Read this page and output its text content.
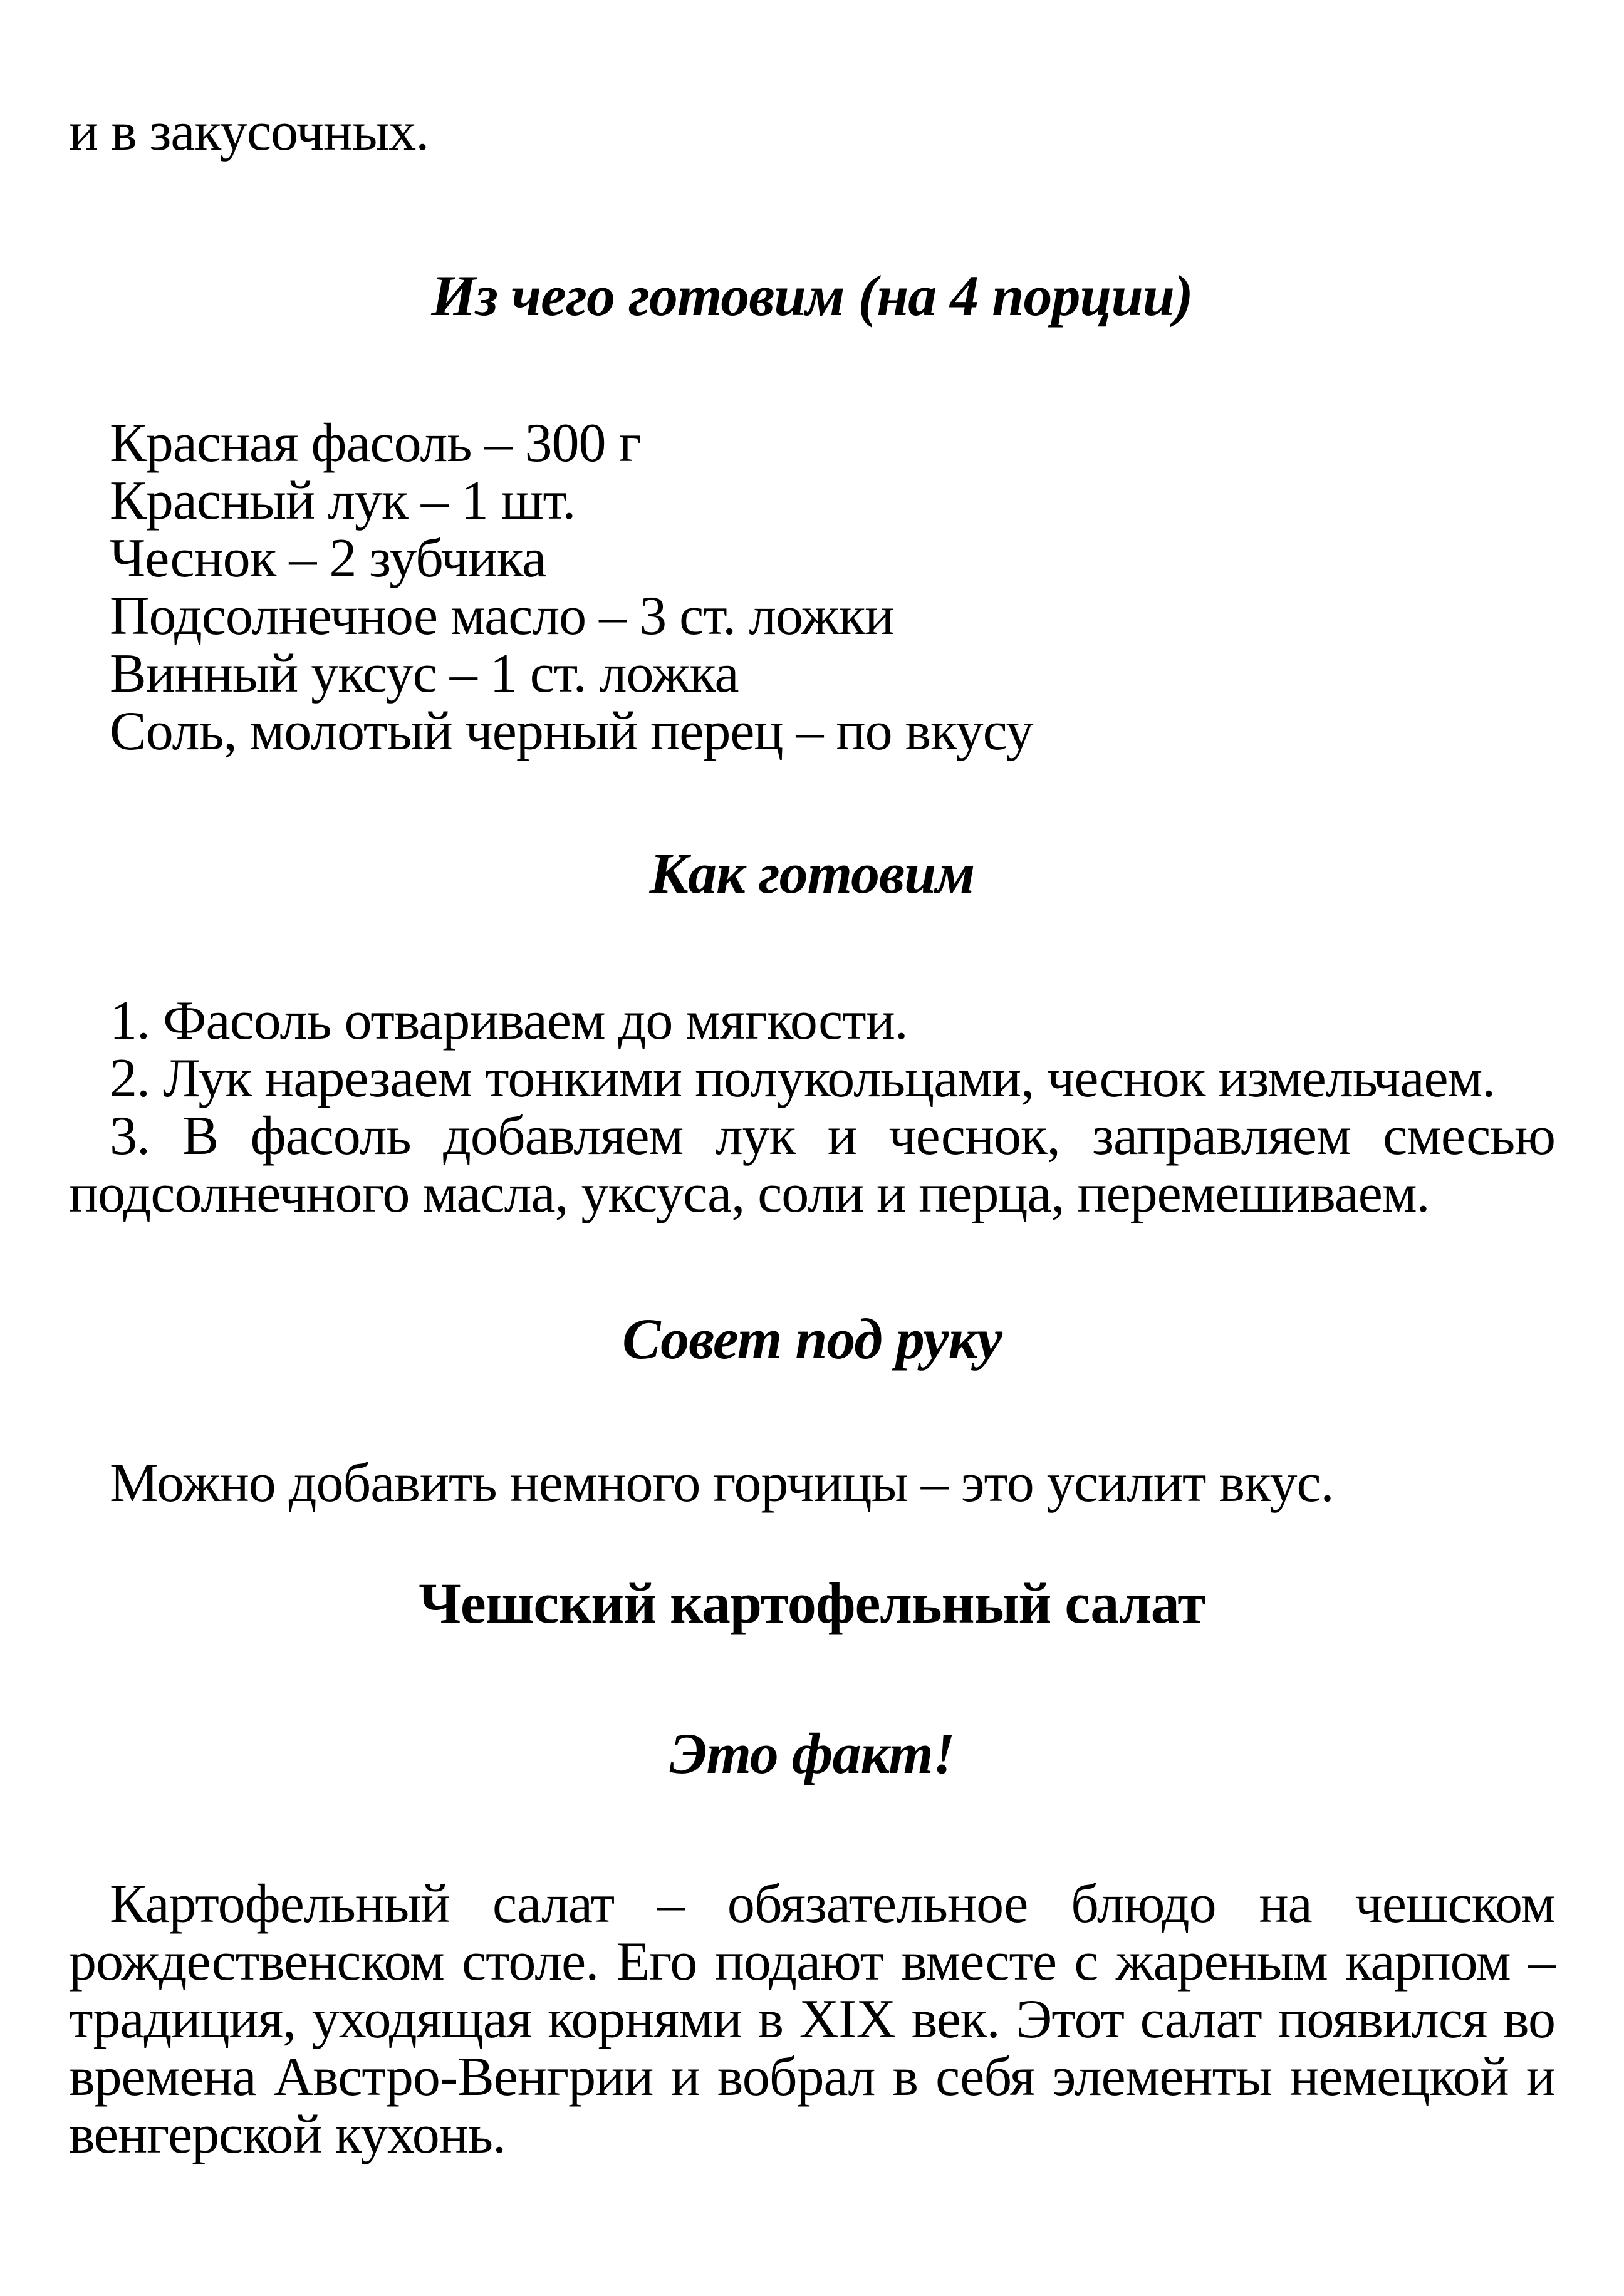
и в закусочных.

Из чего готовим (на 4 порции)

Красная фасоль – 300 г

Красный лук – 1 шт.

Чеснок – 2 зубчика

Подсолнечное масло – 3 ст. ложки

Винный уксус – 1 ст. ложка

Соль, молотый черный перец – по вкусу

Как готовим

1. Фасоль отвариваем до мягкости.

2. Лук нарезаем тонкими полукольцами, чеснок измельчаем.

3. В фасоль добавляем лук и чеснок, заправляем смесью подсолнечного масла, уксуса, соли и перца, перемешиваем.

Совет под руку

Можно добавить немного горчицы – это усилит вкус.

Чешский картофельный салат
Это факт!

Картофельный салат – обязательное блюдо на чешском рождественском столе. Его подают вместе с жареным карпом – традиция, уходящая корнями в XIX век. Этот салат появился во времена Австро-Венгрии и вобрал в себя элементы немецкой и венгерской кухонь.
